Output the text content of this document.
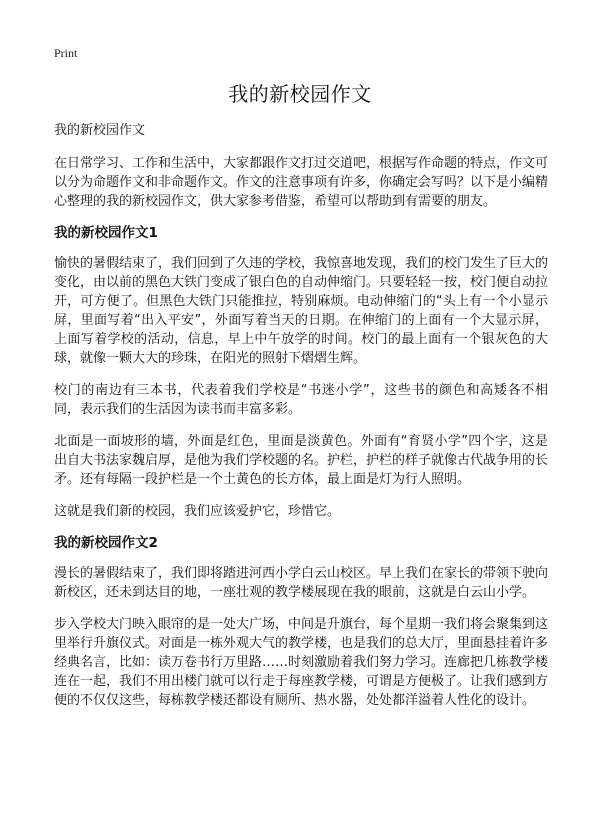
Print
我的新校园作文

我的新校园作文

在日常学习、工作和生活中，大家都跟作文打过交道吧，根据写作命题的特点，作文可以分为命题作文和非命题作文。作文的注意事项有许多，你确定会写吗？以下是小编精心整理的我的新校园作文，供大家参考借鉴，希望可以帮助到有需要的朋友。

我的新校园作文1

愉快的暑假结束了，我们回到了久违的学校，我惊喜地发现，我们的校门发生了巨大的变化，由以前的黑色大铁门变成了银白色的自动伸缩门。只要轻轻一按，校门便自动拉开，可方便了。但黑色大铁门只能推拉，特别麻烦。电动伸缩门的“头上有一个小显示屏，里面写着“出入平安”，外面写着当天的日期。在伸缩门的上面有一个大显示屏，上面写着学校的活动，信息，早上中午放学的时间。校门的最上面有一个银灰色的大球，就像一颗大大的珍珠，在阳光的照射下熠熠生辉。

校门的南边有三本书，代表着我们学校是“书迷小学”，这些书的颜色和高矮各不相同，表示我们的生活因为读书而丰富多彩。

北面是一面坡形的墙，外面是红色，里面是淡黄色。外面有“育贤小学”四个字，这是出自大书法家魏启厚，是他为我们学校题的名。护栏，护栏的样子就像古代战争用的长矛。还有每隔一段护栏是一个土黄色的长方体，最上面是灯为行人照明。

这就是我们新的校园，我们应该爱护它，珍惜它。

我的新校园作文2

漫长的暑假结束了，我们即将踏进河西小学白云山校区。早上我们在家长的带领下驶向新校区，还未到达目的地，一座壮观的教学楼展现在我的眼前，这就是白云山小学。

步入学校大门映入眼帘的是一处大广场，中间是升旗台，每个星期一我们将会聚集到这里举行升旗仪式。对面是一栋外观大气的教学楼，也是我们的总大厅，里面悬挂着许多经典名言，比如：读万卷书行万里路……时刻激励着我们努力学习。连廊把几栋教学楼连在一起，我们不用出楼门就可以行走于每座教学楼，可谓是方便极了。让我们感到方便的不仅仅这些，每栋教学楼还都设有厕所、热水器，处处都洋溢着人性化的设计。
